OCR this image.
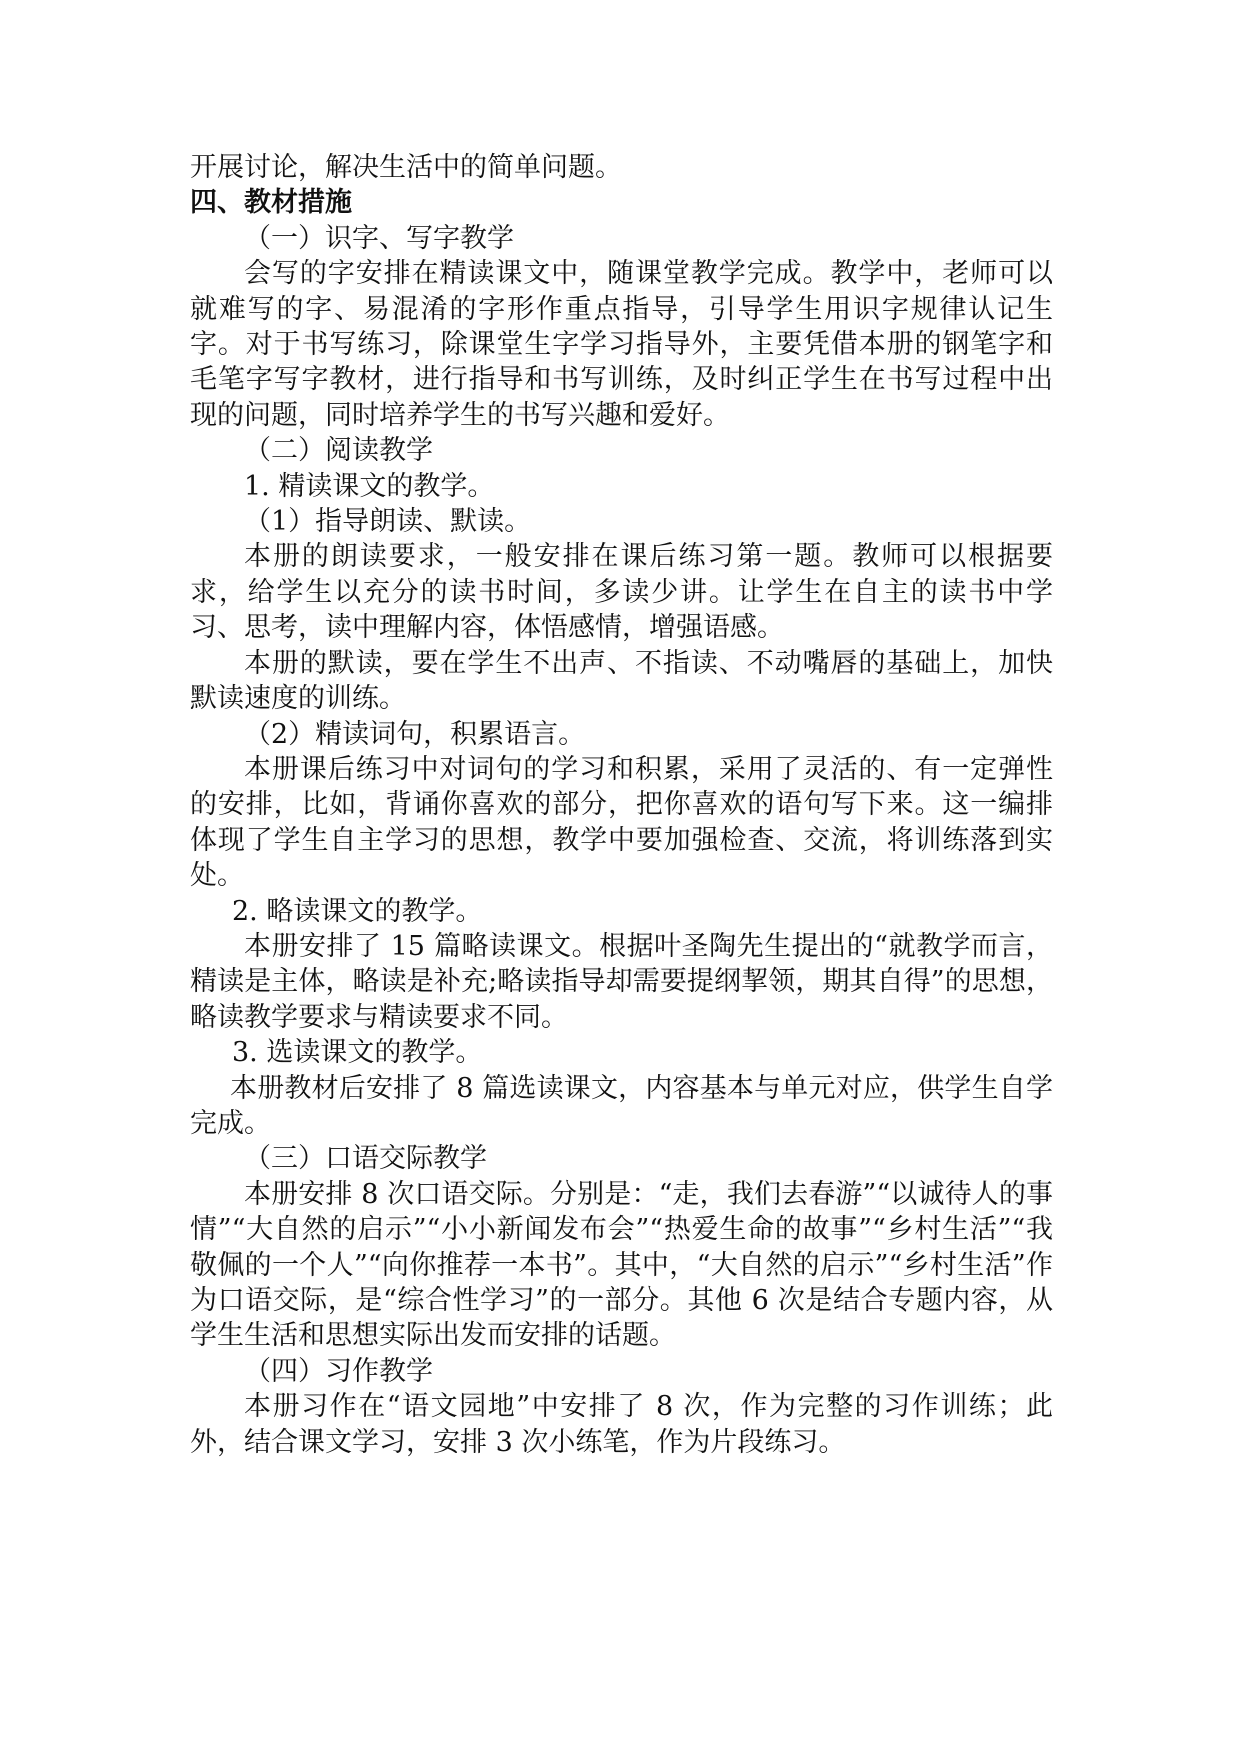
开展讨论，解决生活中的简单问题。

四、教材措施

（一）识字、写字教学

会写的字安排在精读课文中，随课堂教学完成。教学中，老师可以就难写的字、易混淆的字形作重点指导，引导学生用识字规律认记生字。对于书写练习，除课堂生字学习指导外，主要凭借本册的钢笔字和毛笔字写字教材，进行指导和书写训练，及时纠正学生在书写过程中出现的问题，同时培养学生的书写兴趣和爱好。

（二）阅读教学

1. 精读课文的教学。

（1）指导朗读、默读。

本册的朗读要求，一般安排在课后练习第一题。教师可以根据要求，给学生以充分的读书时间，多读少讲。让学生在自主的读书中学习、思考，读中理解内容，体悟感情，增强语感。

本册的默读，要在学生不出声、不指读、不动嘴唇的基础上，加快默读速度的训练。

（2）精读词句，积累语言。

本册课后练习中对词句的学习和积累，采用了灵活的、有一定弹性的安排，比如，背诵你喜欢的部分，把你喜欢的语句写下来。这一编排体现了学生自主学习的思想，教学中要加强检查、交流，将训练落到实处。

2. 略读课文的教学。

本册安排了 15 篇略读课文。根据叶圣陶先生提出的“就教学而言，精读是主体，略读是补充;略读指导却需要提纲挈领，期其自得”的思想，略读教学要求与精读要求不同。

3. 选读课文的教学。

本册教材后安排了 8 篇选读课文，内容基本与单元对应，供学生自学完成。

（三）口语交际教学

本册安排 8 次口语交际。分别是：“走，我们去春游”“以诚待人的事情”“大自然的启示”“小小新闻发布会”“热爱生命的故事”“乡村生活”“我敬佩的一个人”“向你推荐一本书”。其中，“大自然的启示”“乡村生活”作为口语交际，是“综合性学习”的一部分。其他 6 次是结合专题内容，从学生生活和思想实际出发而安排的话题。

（四）习作教学

本册习作在“语文园地”中安排了 8 次，作为完整的习作训练；此外，结合课文学习，安排 3 次小练笔，作为片段练习。
